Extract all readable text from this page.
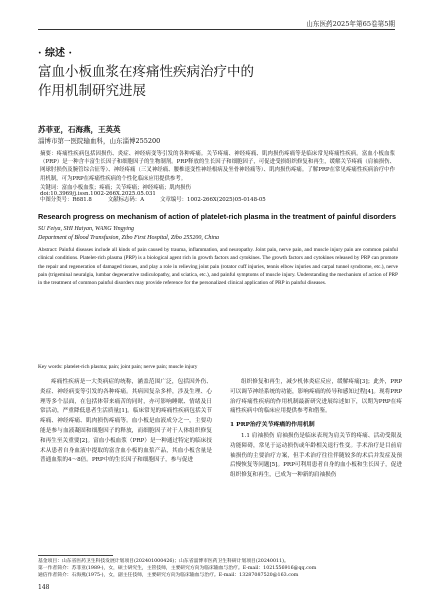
山东医药2025年第65卷第5期
· 综述 ·
富血小板血浆在疼痛性疾病治疗中的
作用机制研究进展
苏菲亚，石海燕，王英英
淄博市第一医院输血科，山东淄博255200
摘要：疼痛性疾病包括因损伤、炎症、神经病变等引发的各种疼痛。关节疼痛、神经疼痛、肌肉损伤疼痛等是临床常见疼痛性疾病。富血小板血浆（PRP）是一种含丰富生长因子和细胞因子的生物制剂。PRP释放的生长因子和细胞因子，可促进受损组织修复和再生，缓解关节疼痛（肩袖损伤、网球肘损伤及腕管综合征等）、神经疼痛（三叉神经痛、腰椎退变性神经根病及坐骨神经痛等）、肌肉损伤疼痛。了解PRP在常见疼痛性疾病治疗中作用机制，可为PRP在疼痛性疾病的个性化临床应用提供参考。
关键词：富血小板血浆；疼痛；关节疼痛；神经疼痛；肌肉损伤
doi:10.3969/j.issn.1002-266X.2025.05.031
中图分类号：R681.8	文献标志码：A	文章编号：1002-266X(2025)05-0148-05
Research progress on mechanism of action of platelet-rich plasma in the treatment of painful disorders
SU Feiya, SHI Haiyan, WANG Yingying
Department of Blood Transfusion, Zibo First Hospital, Zibo 255200, China
Abstract: Painful diseases include all kinds of pain caused by trauma, inflammation, and neuropathy. Joint pain, nerve pain, and muscle injury pain are common painful clinical conditions. Platelet-rich plasma (PRP) is a biological agent rich in growth factors and cytokines. The growth factors and cytokines released by PRP can promote the repair and regeneration of damaged tissues, and play a role in relieving joint pain (rotator cuff injuries, tennis elbow injuries and carpal tunnel syndrome, etc.), nerve pain (trigeminal neuralgia, lumbar degenerative radiculopathy, and sciatica, etc.), and painful symptoms of muscle injury. Understanding the mechanism of action of PRP in the treatment of common painful disorders may provide reference for the personalized clinical application of PRP in painful diseases.
Key words: platelet-rich plasma; pain; joint pain; nerve pain; muscle injury

疼痛性疾病是一大类病症的统称，涵盖范围广泛，包括因外伤、炎症、神经病变等引发的各种疼痛。其病因复杂多样，涉及生理、心理等多个层面，在包括体带来痛苦的同时，亦可影响睡眠、情绪及日常活动，严重降低患者生活质量[1]。临床常见的疼痛性疾病包括关节疼痛、神经疼痛、肌肉损伤疼痛等。血小板是血液成分之一，主要功能是参与血液凝固和细胞因子的释放，而细胞因子对于人体组织修复和再生至关重要[2]。富血小板血浆（PRP）是一种通过特定的临床技术从患者自身血液中提取的富含血小板的血浆产品，其血小板含量是普通血浆的4～8倍。PRP中的生长因子和细胞因子，参与促进

组织修复和再生，减少机体炎症反应，缓解疼痛[3]；此外，PRP可以调节神经系统的功能，影响疼痛的传导和感知过程[4]。现将PRP治疗疼痛性疾病的作用机制最新研究进展综述如下，以期为PRP在疼痛性疾病中的临床应用提供参考和借鉴。

1 PRP治疗关节疼痛的作用机制

1.1 肩袖损伤 肩袖损伤是临床表现为肩关节的疼痛、活动受限及功能障碍，常见于运动损伤或年龄相关退行性变。手术治疗是目前肩袖损伤的主要治疗方案，但手术治疗往往伴随较多的术后并发症及预后慢恢复等问题[5]。PRP可利用患者自身的血小板和生长因子，促进组织修复和再生，已成为一种新的肩袖损伤

基金项目：山东省医药卫生科技发展计划项目(202401000426)；山东省淄博市医药卫生科研计划项目(20240011)。
第一作者简介：苏菲亚(1989-)，女，硕士研究生，主管技师，主要研究方向为临床输血与治疗。E-mail：1021556916@qq.com
通信作者简介：石海燕(1975-)，女，副主任技师，主要研究方向为临床输血与治疗。E-mail：13287087520@163.com
148
